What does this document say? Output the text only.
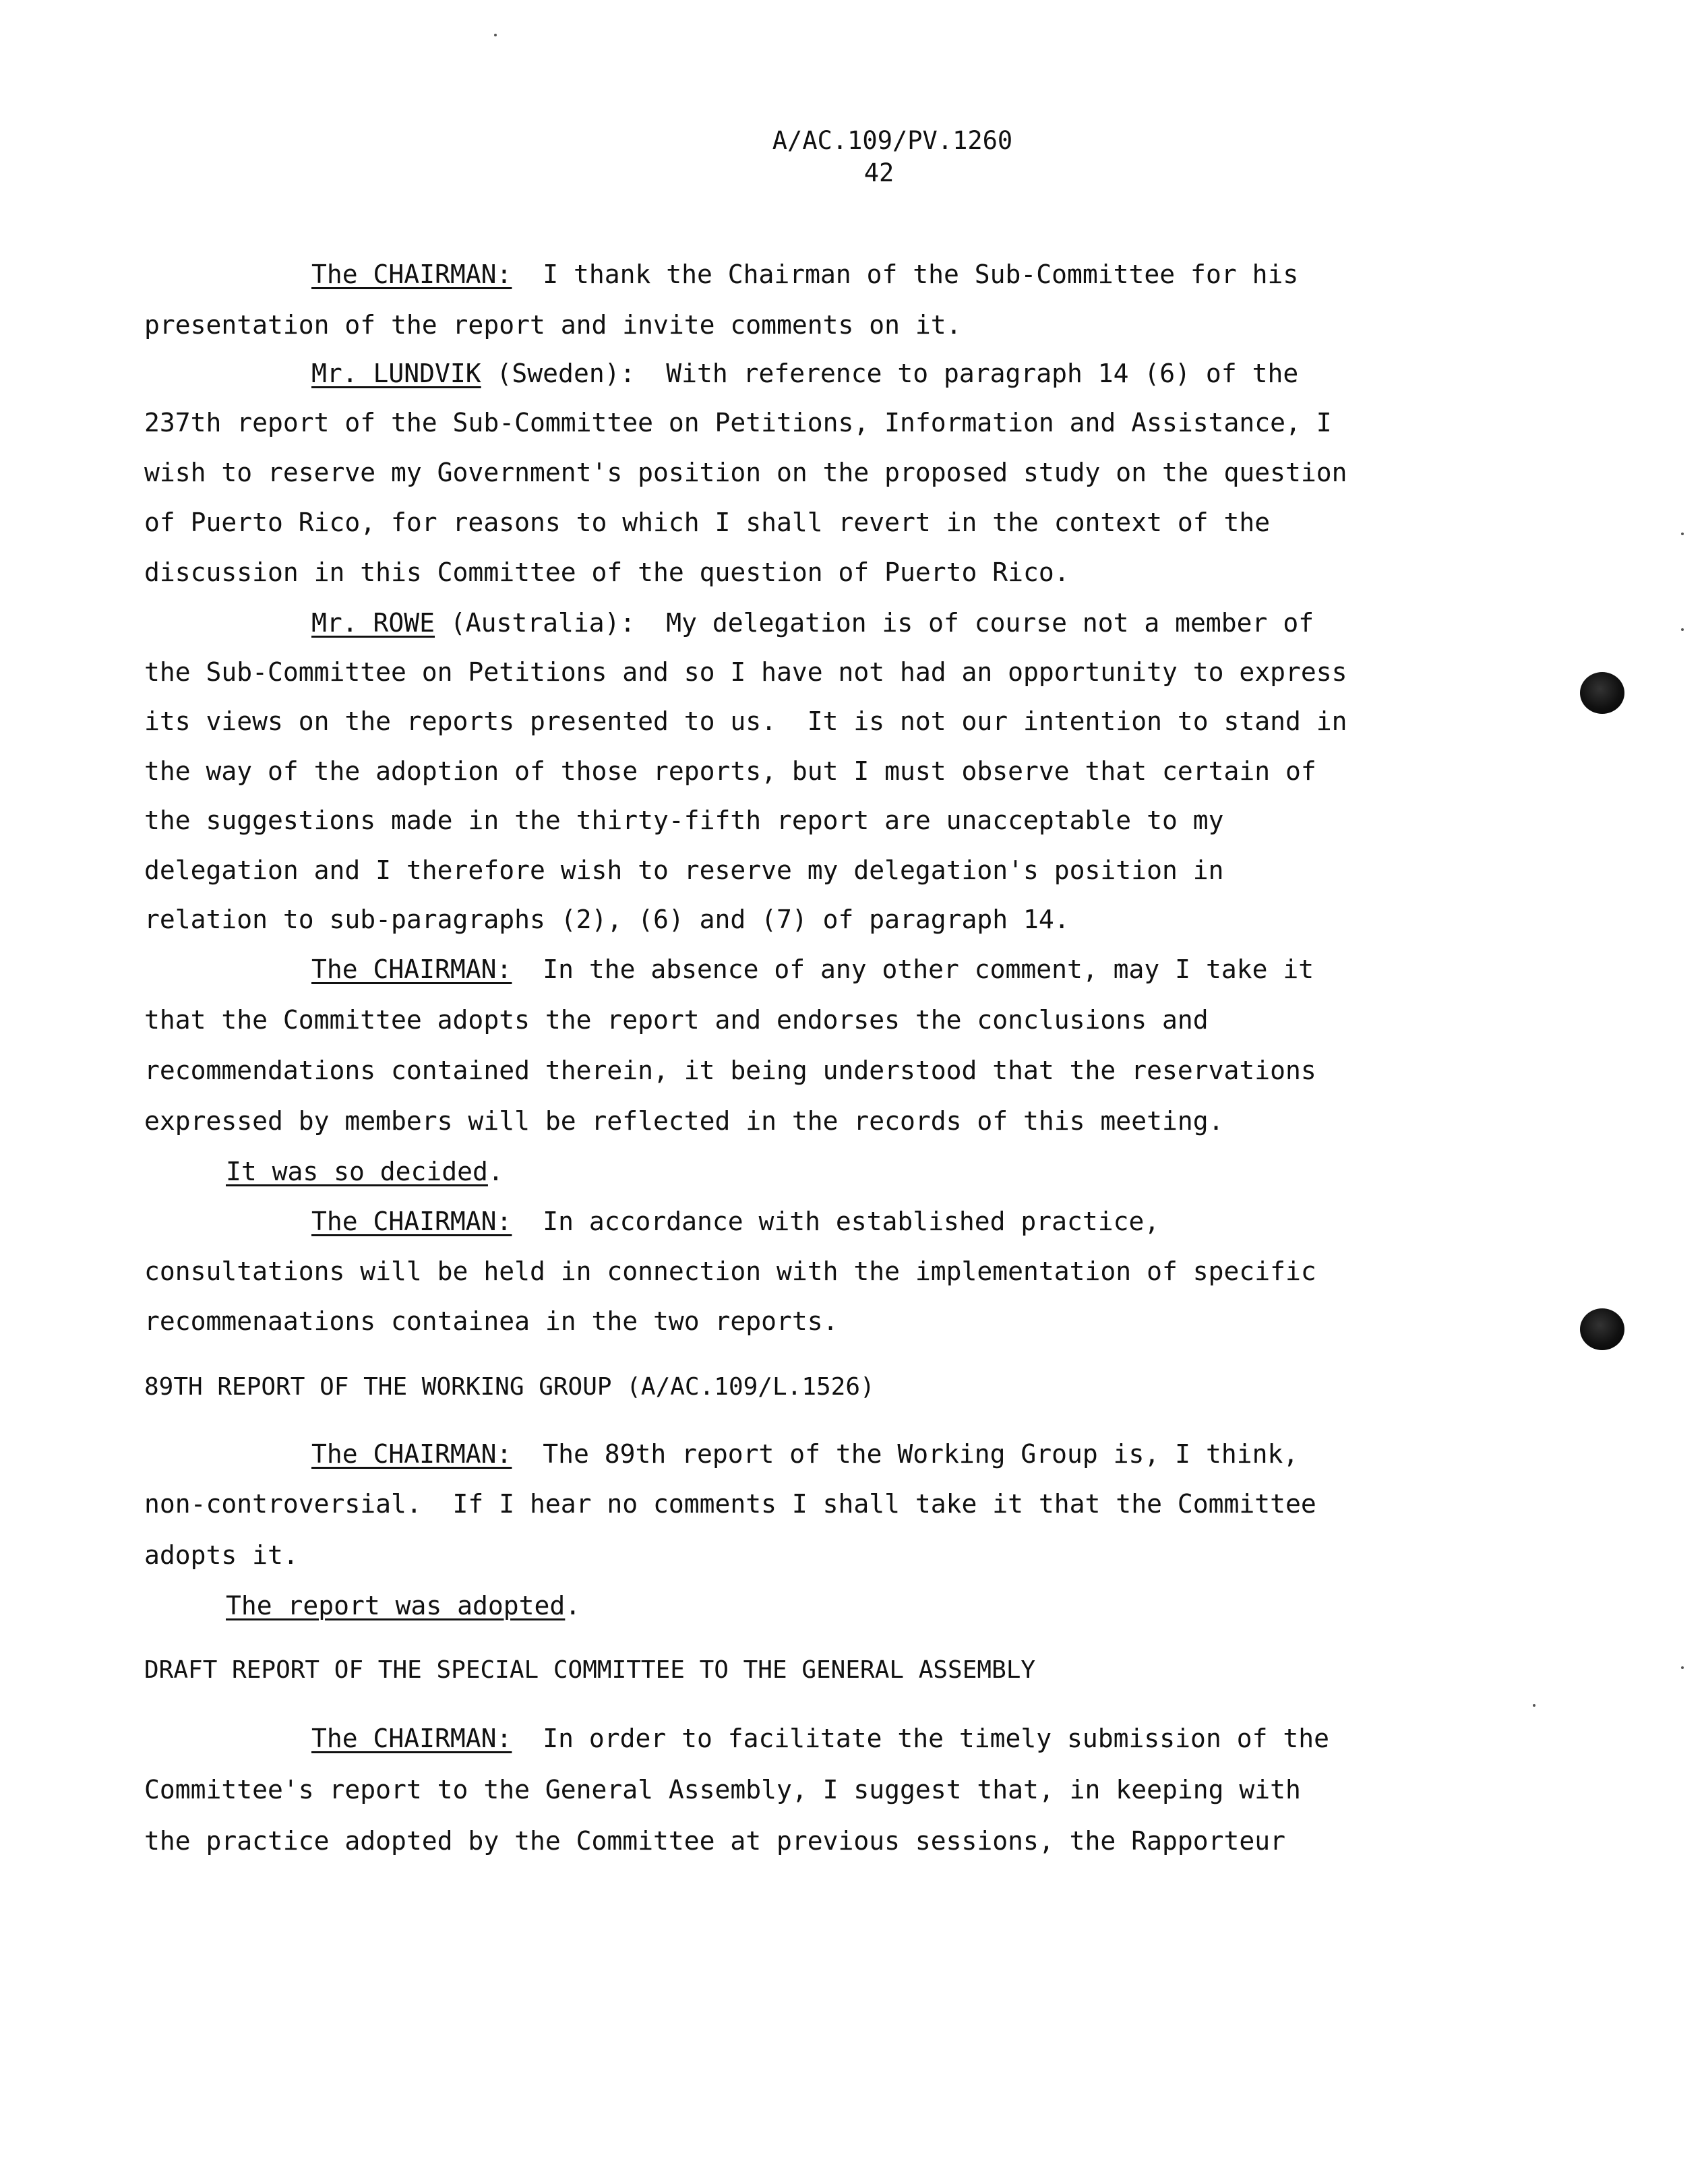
A/AC.109/PV.1260
42
The CHAIRMAN: I thank the Chairman of the Sub-Committee for his
presentation of the report and invite comments on it.
Mr. LUNDVIK (Sweden):  With reference to paragraph 14 (6) of the
237th report of the Sub-Committee on Petitions, Information and Assistance, I
wish to reserve my Government's position on the proposed study on the question
of Puerto Rico, for reasons to which I shall revert in the context of the
discussion in this Committee of the question of Puerto Rico.
Mr. ROWE (Australia):  My delegation is of course not a member of
the Sub-Committee on Petitions and so I have not had an opportunity to express
its views on the reports presented to us.  It is not our intention to stand in
the way of the adoption of those reports, but I must observe that certain of
the suggestions made in the thirty-fifth report are unacceptable to my
delegation and I therefore wish to reserve my delegation's position in
relation to sub-paragraphs (2), (6) and (7) of paragraph 14.
The CHAIRMAN: In the absence of any other comment, may I take it
that the Committee adopts the report and endorses the conclusions and
recommendations contained therein, it being understood that the reservations
expressed by members will be reflected in the records of this meeting.
It was so decided.
The CHAIRMAN: In accordance with established practice,
consultations will be held in connection with the implementation of specific
recommenaations containea in the two reports.
89TH REPORT OF THE WORKING GROUP (A/AC.109/L.1526)
The CHAIRMAN: The 89th report of the Working Group is, I think,
non-controversial.  If I hear no comments I shall take it that the Committee
adopts it.
The report was adopted.
DRAFT REPORT OF THE SPECIAL COMMITTEE TO THE GENERAL ASSEMBLY
The CHAIRMAN: In order to facilitate the timely submission of the
Committee's report to the General Assembly, I suggest that, in keeping with
the practice adopted by the Committee at previous sessions, the Rapporteur
